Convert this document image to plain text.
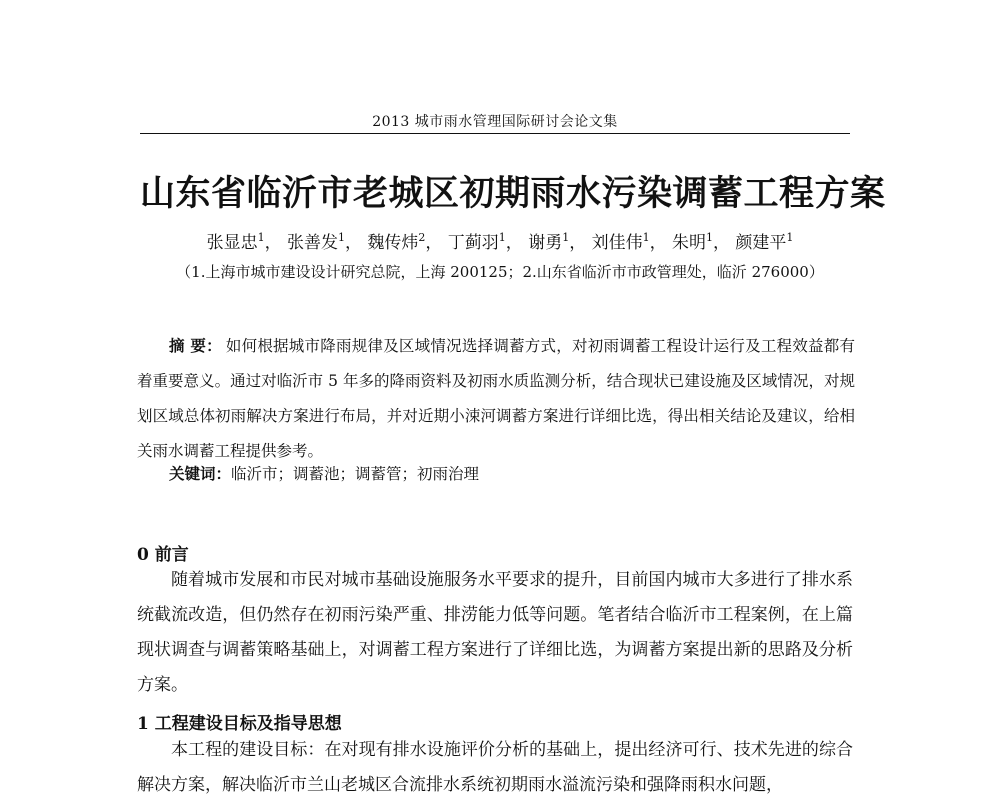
2013 城市雨水管理国际研讨会论文集
山东省临沂市老城区初期雨水污染调蓄工程方案
张显忠$^1$， 张善发$^1$， 魏传炜$^2$， 丁蓟羽$^1$， 谢勇$^1$， 刘佳伟$^1$， 朱明$^1$， 颜建平$^1$
（1.上海市城市建设设计研究总院，上海 200125；2.山东省临沂市市政管理处，临沂 276000）
摘 要： 如何根据城市降雨规律及区域情况选择调蓄方式，对初雨调蓄工程设计运行及工程效益都有着重要意义。通过对临沂市 5 年多的降雨资料及初雨水质监测分析，结合现状已建设施及区域情况，对规划区域总体初雨解决方案进行布局，并对近期小涑河调蓄方案进行详细比选，得出相关结论及建议，给相关雨水调蓄工程提供参考。
关键词：临沂市；调蓄池；调蓄管；初雨治理
0 前言
随着城市发展和市民对城市基础设施服务水平要求的提升，目前国内城市大多进行了排水系统截流改造，但仍然存在初雨污染严重、排涝能力低等问题。笔者结合临沂市工程案例，在上篇现状调查与调蓄策略基础上，对调蓄工程方案进行了详细比选，为调蓄方案提出新的思路及分析方案。
1 工程建设目标及指导思想
本工程的建设目标：在对现有排水设施评价分析的基础上，提出经济可行、技术先进的综合解决方案，解决临沂市兰山老城区合流排水系统初期雨水溢流污染和强降雨积水问题，
